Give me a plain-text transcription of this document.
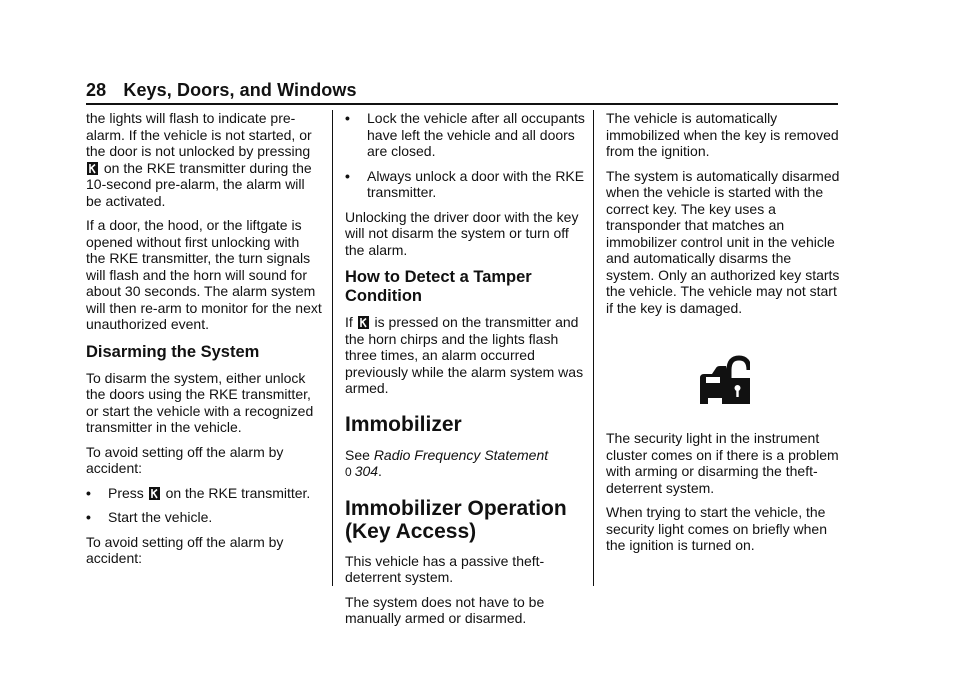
28 Keys, Doors, and Windows

the lights will flash to indicate pre-alarm. If the vehicle is not started, or the door is not unlocked by pressing  on the RKE transmitter during the 10-second pre-alarm, the alarm will be activated.

If a door, the hood, or the liftgate is opened without first unlocking with the RKE transmitter, the turn signals will flash and the horn will sound for about 30 seconds. The alarm system will then re-arm to monitor for the next unauthorized event.

Disarming the System

To disarm the system, either unlock the doors using the RKE transmitter, or start the vehicle with a recognized transmitter in the vehicle.

To avoid setting off the alarm by accident:

•	Press  on the RKE transmitter.
•	Start the vehicle.

To avoid setting off the alarm by accident:

•	Lock the vehicle after all occupants have left the vehicle and all doors are closed.
•	Always unlock a door with the RKE transmitter.

Unlocking the driver door with the key will not disarm the system or turn off the alarm.

How to Detect a Tamper Condition

If  is pressed on the transmitter and the horn chirps and the lights flash three times, an alarm occurred previously while the alarm system was armed.

Immobilizer

See Radio Frequency Statement
0 304.

Immobilizer Operation
(Key Access)

This vehicle has a passive theft-deterrent system.

The system does not have to be manually armed or disarmed.

The vehicle is automatically immobilized when the key is removed from the ignition.

The system is automatically disarmed when the vehicle is started with the correct key. The key uses a transponder that matches an immobilizer control unit in the vehicle and automatically disarms the system. Only an authorized key starts the vehicle. The vehicle may not start if the key is damaged.

The security light in the instrument cluster comes on if there is a problem with arming or disarming the theft-deterrent system.

When trying to start the vehicle, the security light comes on briefly when the ignition is turned on.
